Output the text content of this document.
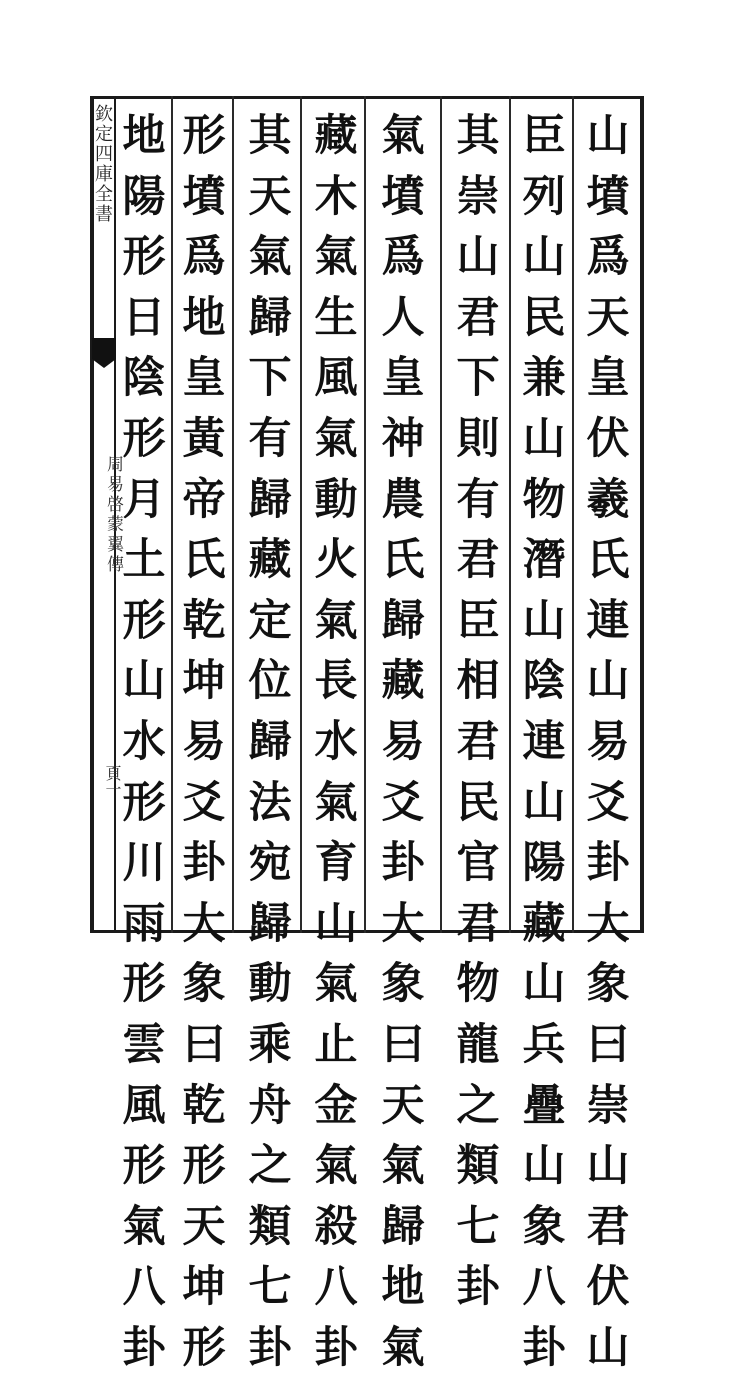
欽定四庫全書
周易啓蒙翼傳
頁一
山
墳
爲
天
皇
伏
羲
氏
連
山
易
爻
卦
大
象
曰
崇
山
君
伏
山
臣
列
山
民
兼
山
物
潛
山
陰
連
山
陽
藏
山
兵
疊
山
象
八
卦
其
崇
山
君
下
則
有
君
臣
相
君
民
官
君
物
龍
之
類
七
卦
氣
墳
爲
人
皇
神
農
氏
歸
藏
易
爻
卦
大
象
曰
天
氣
歸
地
氣
藏
木
氣
生
風
氣
動
火
氣
長
水
氣
育
山
氣
止
金
氣
殺
八
卦
其
天
氣
歸
下
有
歸
藏
定
位
歸
法
宛
歸
動
乘
舟
之
類
七
卦
形
墳
爲
地
皇
黃
帝
氏
乾
坤
易
爻
卦
大
象
曰
乾
形
天
坤
形
地
陽
形
日
陰
形
月
土
形
山
水
形
川
雨
形
雲
風
形
氣
八
卦
